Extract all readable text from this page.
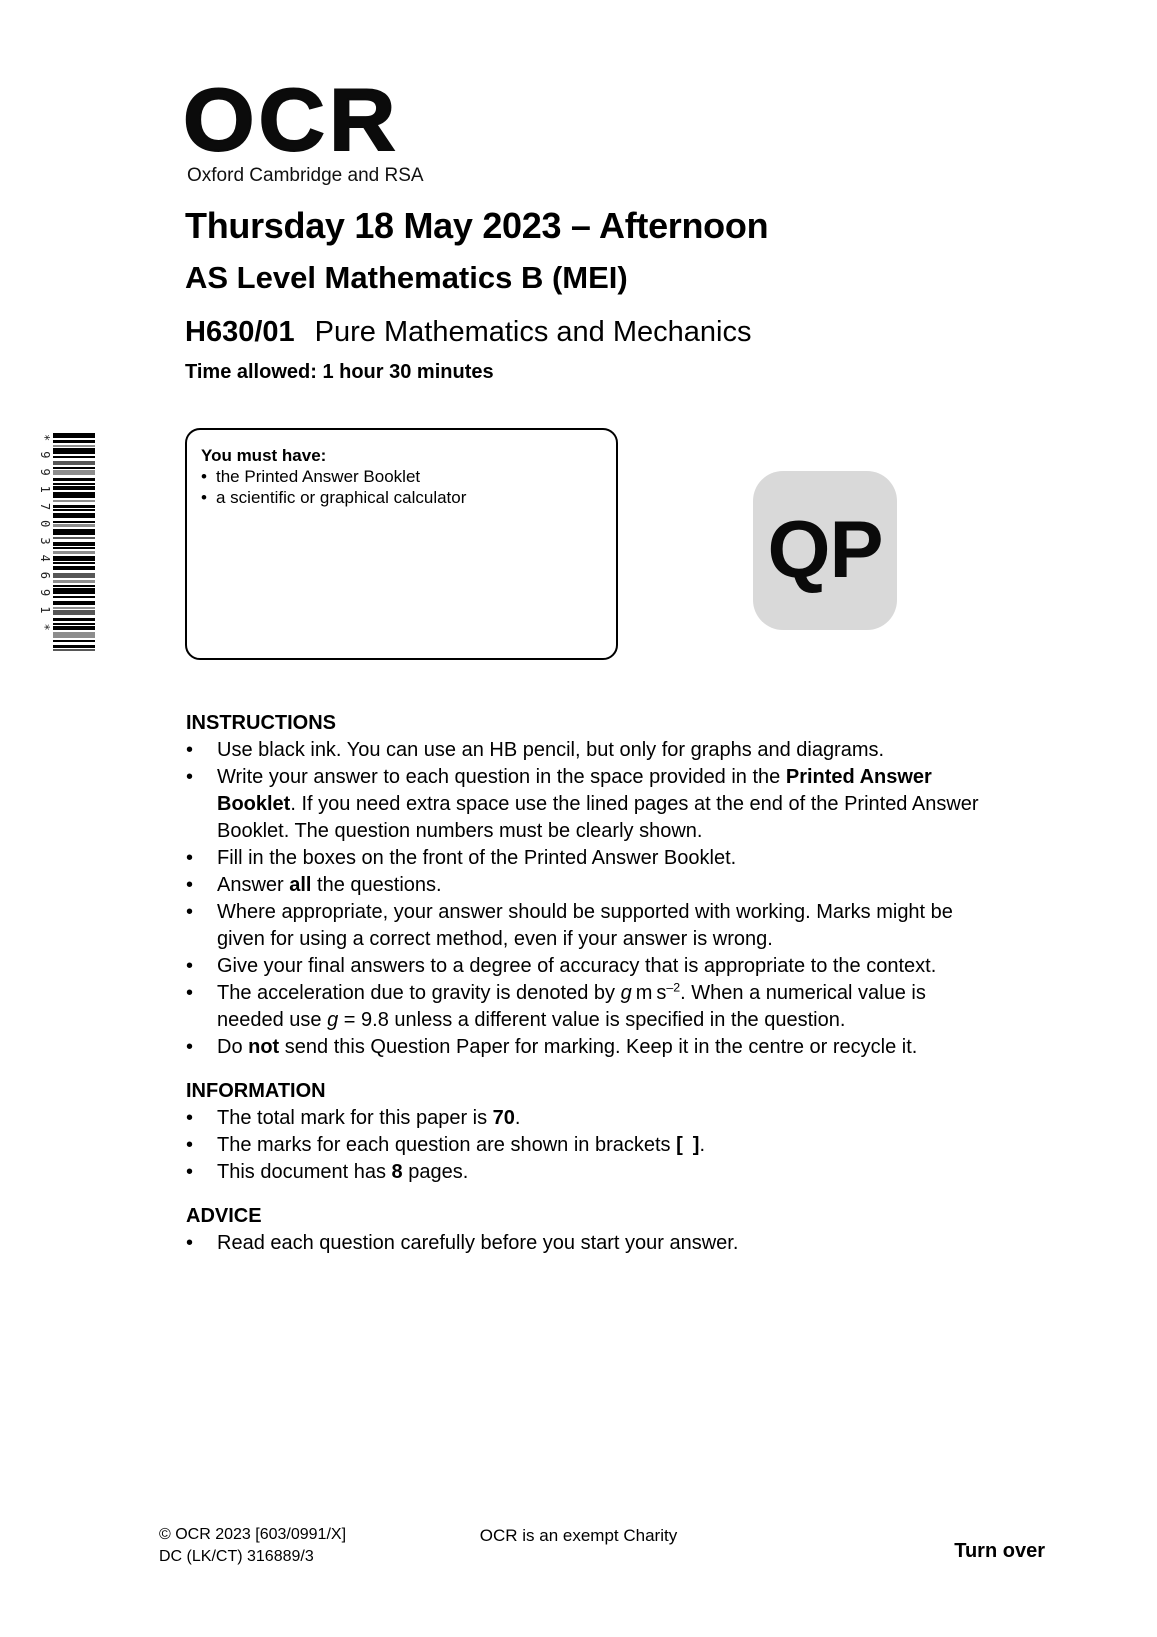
OCR
Oxford Cambridge and RSA
Thursday 18 May 2023 – Afternoon
AS Level Mathematics B (MEI)
H630/01 Pure Mathematics and Mechanics
Time allowed: 1 hour 30 minutes
*9917034691*	You must have:
• the Printed Answer Booklet
• a scientific or graphical calculator
QP
INSTRUCTIONS
•	Use black ink. You can use an HB pencil, but only for graphs and diagrams.
•	Write your answer to each question in the space provided in the Printed Answer Booklet. If you need extra space use the lined pages at the end of the Printed Answer Booklet. The question numbers must be clearly shown.
•	Fill in the boxes on the front of the Printed Answer Booklet.
•	Answer all the questions.
•	Where appropriate, your answer should be supported with working. Marks might be given for using a correct method, even if your answer is wrong.
•	Give your final answers to a degree of accuracy that is appropriate to the context.
•	The acceleration due to gravity is denoted by g m $s^{-2}$. When a numerical value is needed use g = 9.8 unless a different value is specified in the question.
•	Do not send this Question Paper for marking. Keep it in the centre or recycle it.
INFORMATION
•	The total mark for this paper is 70.
•	The marks for each question are shown in brackets [ ].
•	This document has 8 pages.
ADVICE
•	Read each question carefully before you start your answer.
© OCR 2023 [603/0991/X]
DC (LK/CT) 316889/3
OCR is an exempt Charity
Turn over
